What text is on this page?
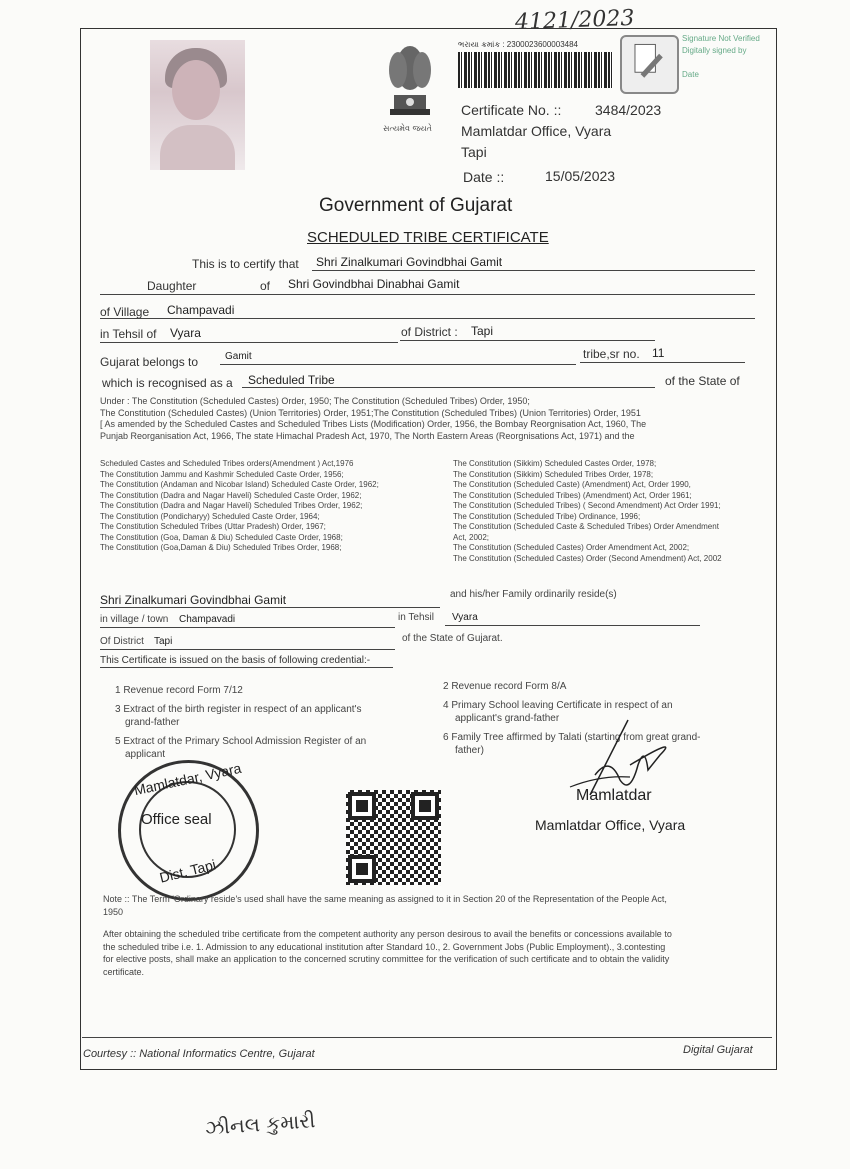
4121/2023
સત્યમેવ જયતે
ભરાયા ક્રમાંક : 2300023600003484
Signature Not Verified
Digitally signed by
Date
Certificate No. :: 3484/2023
Mamlatdar Office, Vyara
Tapi
Date ::	15/05/2023
Government of Gujarat
SCHEDULED TRIBE CERTIFICATE
This is to certify that Shri Zinalkumari Govindbhai Gamit
Daughter	of Shri Govindbhai Dinabhai Gamit
of Village Champavadi
in Tehsil of Vyara	of District : Tapi
Gujarat belongs to	Gamit	tribe,sr no. 11
which is recognised as a Scheduled Tribe	of the State of
Under : The Constitution (Scheduled Castes) Order, 1950; The Constitution (Scheduled Tribes) Order, 1950;
The Constitution (Scheduled Castes) (Union Territories) Order, 1951;The Constitution (Scheduled Tribes) (Union Territories) Order, 1951
[ As amended by the Scheduled Castes and Scheduled Tribes Lists (Modification) Order, 1956, the Bombay Reorgnisation Act, 1960, The
Punjab Reorganisation Act, 1966, The state Himachal Pradesh Act, 1970, The North Eastern Areas (Reorgnisations Act, 1971) and the
Scheduled Castes and Scheduled Tribes orders(Amendment ) Act,1976
The Constitution Jammu and Kashmir Scheduled Caste Order, 1956;
The Constitution (Andaman and Nicobar Island) Scheduled Caste Order, 1962;
The Constitution (Dadra and Nagar Haveli) Scheduled Caste Order, 1962;
The Constitution (Dadra and Nagar Haveli) Scheduled Tribes Order, 1962;
The Constitution (Pondicharyy) Scheduled Caste Order, 1964;
The Constitution Scheduled Tribes (Uttar Pradesh) Order, 1967;
The Constitution (Goa, Daman & Diu) Scheduled Caste Order, 1968;
The Constitution (Goa,Daman & Diu) Scheduled Tribes Order, 1968;
The Constitution (Sikkim) Scheduled Castes Order, 1978;
The Constitution (Sikkim) Scheduled Tribes Order, 1978;
The Constitution (Scheduled Caste) (Amendment) Act, Order 1990,
The Constitution (Scheduled Tribes) (Amendment) Act, Order 1961;
The Constitution (Scheduled Tribes) ( Second Amendment) Act Order 1991;
The Constitution (Scheduled Tribe) Ordinance, 1996;
The Constitution (Scheduled Caste & Scheduled Tribes) Order Amendment
Act, 2002;
The Constitution (Scheduled Castes) Order Amendment Act, 2002;
The Constitution (Scheduled Castes) Order (Second Amendment) Act, 2002
Shri Zinalkumari Govindbhai Gamit	and his/her Family ordinarily reside(s)
in village / town Champavadi	in Tehsil Vyara
Of District Tapi	of the State of Gujarat.
This Certificate is issued on the basis of following credential:-
1 Revenue record Form 7/12
3 Extract of the birth register in respect of an applicant's
grand-father
5 Extract of the Primary School Admission Register of an
applicant
2 Revenue record Form 8/A
4 Primary School leaving Certificate in respect of an
applicant's grand-father
6 Family Tree affirmed by Talati (starting from great grand-
father)
Mamlatdar, Vyara
Office seal
Dist. Tapi
Mamlatdar
Mamlatdar Office, Vyara
Note :: The Term 'Ordinary reside's used shall have the same meaning as assigned to it in Section 20 of the Representation of the People Act,
1950
After obtaining the scheduled tribe certificate from the competent authority any person desirous to avail the benefits or concessions available to
the scheduled tribe i.e. 1. Admission to any educational institution after Standard 10., 2. Government Jobs (Public Employment)., 3.contesting
for elective posts, shall make an application to the concerned scrutiny committee for the verification of such certificate and to obtain the validity
certificate.
Courtesy :: National Informatics Centre, Gujarat	Digital Gujarat
ઝીનલ કુમારી
